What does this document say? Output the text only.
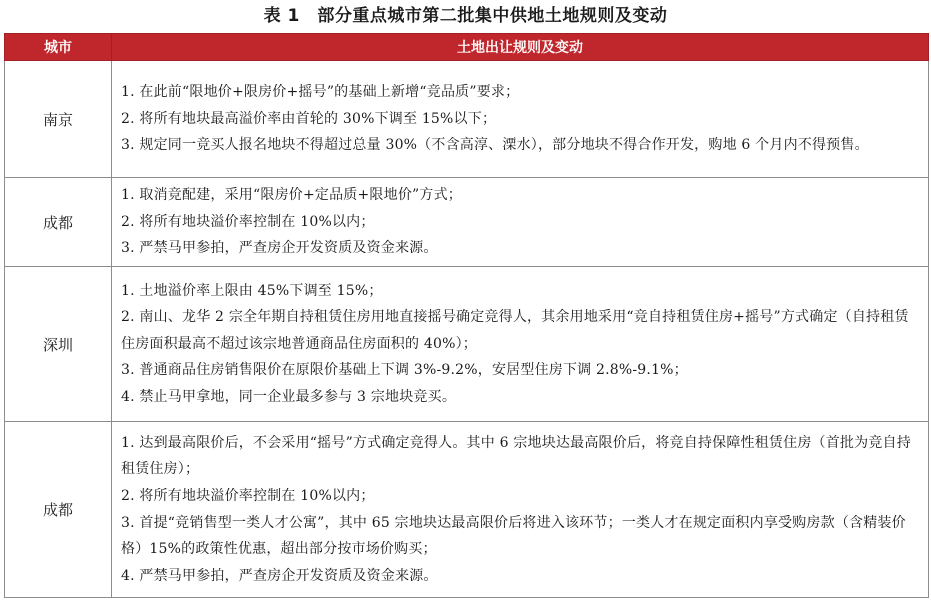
表 1　部分重点城市第二批集中供地土地规则及变动
城市	土地出让规则及变动
南京	1. 在此前“限地价+限房价+摇号”的基础上新增“竞品质”要求；
2. 将所有地块最高溢价率由首轮的 30%下调至 15%以下；
3. 规定同一竞买人报名地块不得超过总量 30%（不含高淳、溧水），部分地块不得合作开发，购地 6 个月内不得预售。

成都	1. 取消竞配建，采用“限房价+定品质+限地价”方式；
2. 将所有地块溢价率控制在 10%以内；
3. 严禁马甲参拍，严查房企开发资质及资金来源。

深圳	1. 土地溢价率上限由 45%下调至 15%；
2. 南山、龙华 2 宗全年期自持租赁住房用地直接摇号确定竞得人，其余用地采用“竞自持租赁住房+摇号”方式确定（自持租赁住房面积最高不超过该宗地普通商品住房面积的 40%）；
3. 普通商品住房销售限价在原限价基础上下调 3%-9.2%，安居型住房下调 2.8%-9.1%；
4. 禁止马甲拿地，同一企业最多参与 3 宗地块竞买。

成都	1. 达到最高限价后，不会采用“摇号”方式确定竞得人。其中 6 宗地块达最高限价后，将竞自持保障性租赁住房（首批为竞自持租赁住房）；
2. 将所有地块溢价率控制在 10%以内；
3. 首提“竞销售型一类人才公寓”，其中 65 宗地块达最高限价后将进入该环节；一类人才在规定面积内享受购房款（含精装价格）15%的政策性优惠，超出部分按市场价购买；
4. 严禁马甲参拍，严查房企开发资质及资金来源。
